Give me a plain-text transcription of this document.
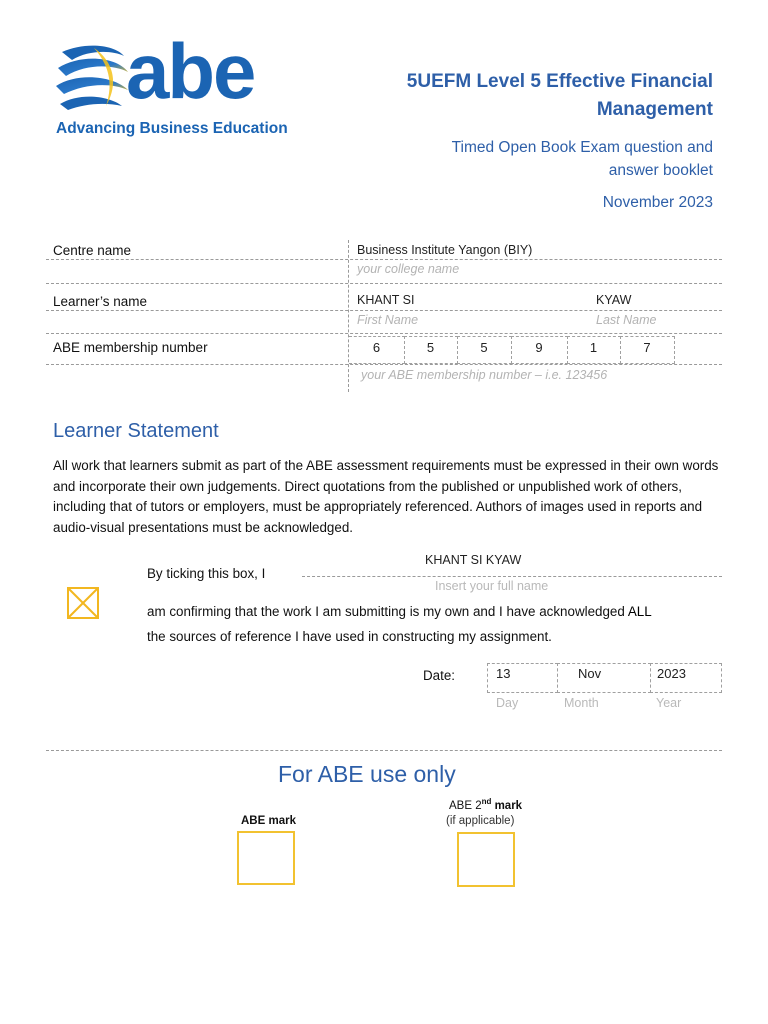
abe
Advancing Business Education
5UEFM Level 5 Effective Financial
Management
Timed Open Book Exam question and
answer booklet
November 2023
Centre name	Business Institute Yangon (BIY)
your college name
Learner’s name	KHANT SI	KYAW
First Name	Last Name
ABE membership number	6	5	5	9	1	7
your ABE membership number – i.e. 123456
Learner Statement
All work that learners submit as part of the ABE assessment requirements must be expressed in their own words and incorporate their own judgements. Direct quotations from the published or unpublished work of others, including that of tutors or employers, must be appropriately referenced. Authors of images used in reports and audio-visual presentations must be acknowledged.
By ticking this box, I
KHANT SI KYAW
Insert your full name
am confirming that the work I am submitting is my own and I have acknowledged ALL
the sources of reference I have used in constructing my assignment.
Date:	13	Nov	2023
Day	Month	Year
For ABE use only
ABE mark
ABE 2nd mark
(if applicable)
